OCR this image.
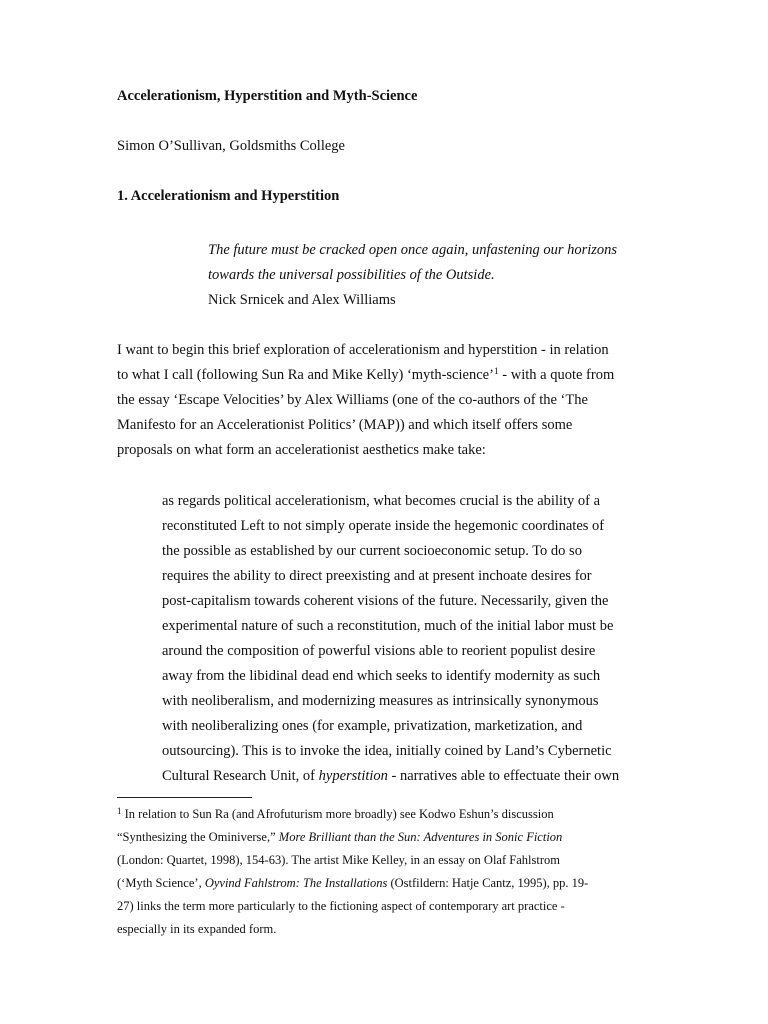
Accelerationism, Hyperstition and Myth-Science
Simon O’Sullivan, Goldsmiths College
1. Accelerationism and Hyperstition
The future must be cracked open once again, unfastening our horizons
towards the universal possibilities of the Outside.
Nick Srnicek and Alex Williams
I want to begin this brief exploration of accelerationism and hyperstition - in relation
to what I call (following Sun Ra and Mike Kelly) ‘myth-science’$^1$ - with a quote from
the essay ‘Escape Velocities’ by Alex Williams (one of the co-authors of the ‘The
Manifesto for an Accelerationist Politics’ (MAP)) and which itself offers some
proposals on what form an accelerationist aesthetics make take:
as regards political accelerationism, what becomes crucial is the ability of a
reconstituted Left to not simply operate inside the hegemonic coordinates of
the possible as established by our current socioeconomic setup. To do so
requires the ability to direct preexisting and at present inchoate desires for
post-capitalism towards coherent visions of the future. Necessarily, given the
experimental nature of such a reconstitution, much of the initial labor must be
around the composition of powerful visions able to reorient populist desire
away from the libidinal dead end which seeks to identify modernity as such
with neoliberalism, and modernizing measures as intrinsically synonymous
with neoliberalizing ones (for example, privatization, marketization, and
outsourcing). This is to invoke the idea, initially coined by Land’s Cybernetic
Cultural Research Unit, of hyperstition - narratives able to effectuate their own
$^1$ In relation to Sun Ra (and Afrofuturism more broadly) see Kodwo Eshun’s discussion
“Synthesizing the Ominiverse,” More Brilliant than the Sun: Adventures in Sonic Fiction
(London: Quartet, 1998), 154-63). The artist Mike Kelley, in an essay on Olaf Fahlstrom
(‘Myth Science’, Oyvind Fahlstrom: The Installations (Ostfildern: Hatje Cantz, 1995), pp. 19-
27) links the term more particularly to the fictioning aspect of contemporary art practice -
especially in its expanded form.
